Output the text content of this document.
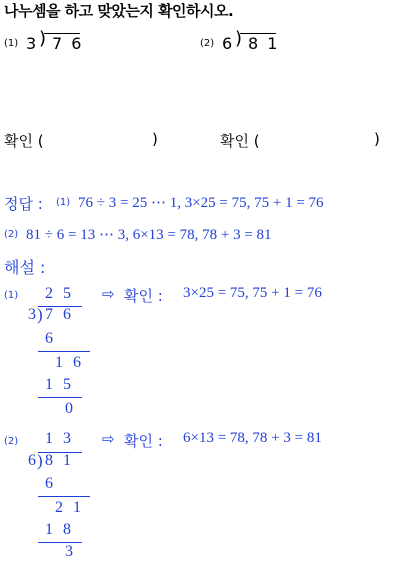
나누셈을 하고 맞았는지 확인하시오.
(1) 3 ) 7 6	(2) 6 ) 8 1
확인 (	)	확인 (	)
정답 : (1) 76 ÷ 3 = 25 ⋯ 1, 3×25 = 75, 75 + 1 = 76
(2) 81 ÷ 6 = 13 ⋯ 3, 6×13 = 78, 78 + 3 = 81
해설 :
(1) 2 5
3 ) 7 6
6
1 6
1 5
0
⇨ 확인 : 3×25 = 75, 75 + 1 = 76
(2) 1 3
6 ) 8 1
6
2 1
1 8
3
⇨ 확인 : 6×13 = 78, 78 + 3 = 81
